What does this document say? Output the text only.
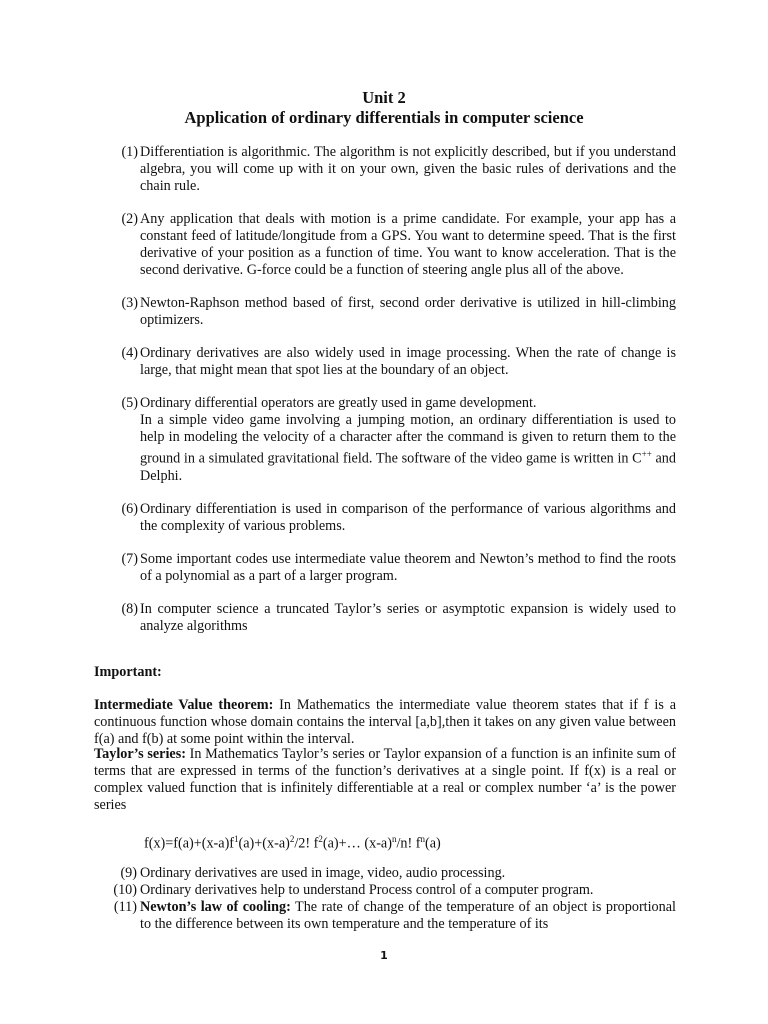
Unit 2
Application of ordinary differentials in computer science
(1) Differentiation is algorithmic. The algorithm is not explicitly described, but if you understand algebra, you will come up with it on your own, given the basic rules of derivations and the chain rule.
(2) Any application that deals with motion is a prime candidate. For example, your app has a constant feed of latitude/longitude from a GPS. You want to determine speed. That is the first derivative of your position as a function of time. You want to know acceleration. That is the second derivative. G-force could be a function of steering angle plus all of the above.
(3) Newton-Raphson method based of first, second order derivative is utilized in hill-climbing optimizers.
(4) Ordinary derivatives are also widely used in image processing. When the rate of change is large, that might mean that spot lies at the boundary of an object.
(5) Ordinary differential operators are greatly used in game development.
In a simple video game involving a jumping motion, an ordinary differentiation is used to help in modeling the velocity of a character after the command is given to return them to the ground in a simulated gravitational field. The software of the video game is written in C++ and Delphi.
(6) Ordinary differentiation is used in comparison of the performance of various algorithms and the complexity of various problems.
(7) Some important codes use intermediate value theorem and Newton’s method to find the roots of a polynomial as a part of a larger program.
(8) In computer science a truncated Taylor’s series or asymptotic expansion is widely used to analyze algorithms

Important:

Intermediate Value theorem: In Mathematics the intermediate value theorem states that if f is a continuous function whose domain contains the interval [a,b],then it takes on any given value between f(a) and f(b) at some point within the interval.

Taylor’s series: In Mathematics Taylor’s series or Taylor expansion of a function is an infinite sum of terms that are expressed in terms of the function’s derivatives at a single point. If f(x) is a real or complex valued function that is infinitely differentiable at a real or complex number ‘a’ is the power series

$f(x)=f(a)+(x-a)f^1(a)+(x-a)^2/2$! $f^2(a)+\dots$ $(x-a)^n/n$! $f^n(a)$
(9) Ordinary derivatives are used in image, video, audio processing.
(10) Ordinary derivatives help to understand Process control of a computer program.
(11) Newton’s law of cooling: The rate of change of the temperature of an object is proportional to the difference between its own temperature and the temperature of its
1
